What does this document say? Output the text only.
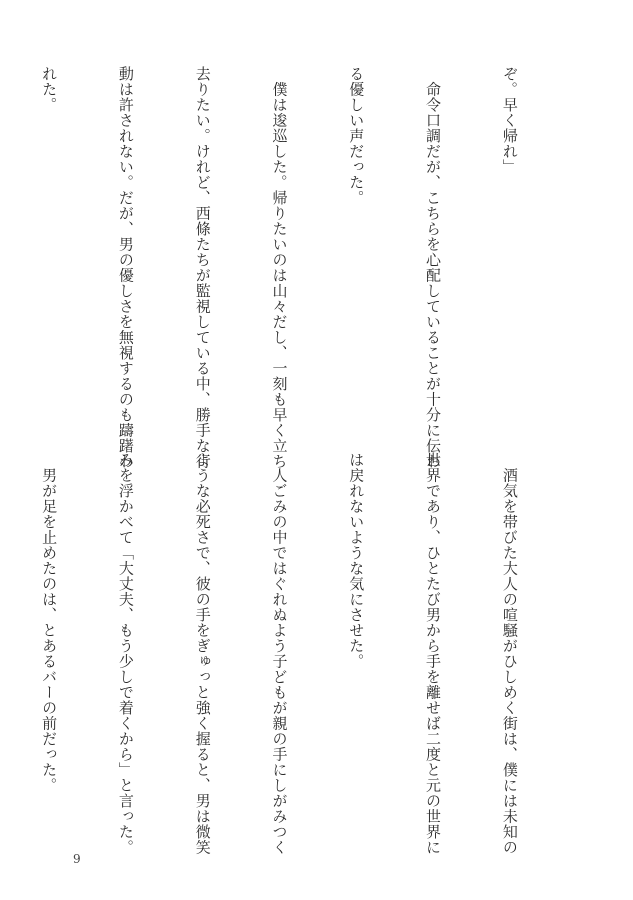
ぞ。早く帰れ」

　命令口調だが、こちらを心配していることが十分に伝わ

る優しい声だった。

　僕は逡巡した。帰りたいのは山々だし、一刻も早く立ち

去りたい。けれど、西條たちが監視している中、勝手な行

動は許されない。だが、男の優しさを無視するのも躊躇わ

れた。

　酒気を帯びた大人の喧騒がひしめく街は、僕には未知の

世界であり、ひとたび男から手を離せば二度と元の世界に

は戻れないような気にさせた。

　人ごみの中ではぐれぬよう子どもが親の手にしがみつく

ような必死さで、彼の手をぎゅっと強く握ると、男は微笑

みを浮かべて「大丈夫、もう少しで着くから」と言った。

　男が足を止めたのは、とあるバーの前だった。

9
